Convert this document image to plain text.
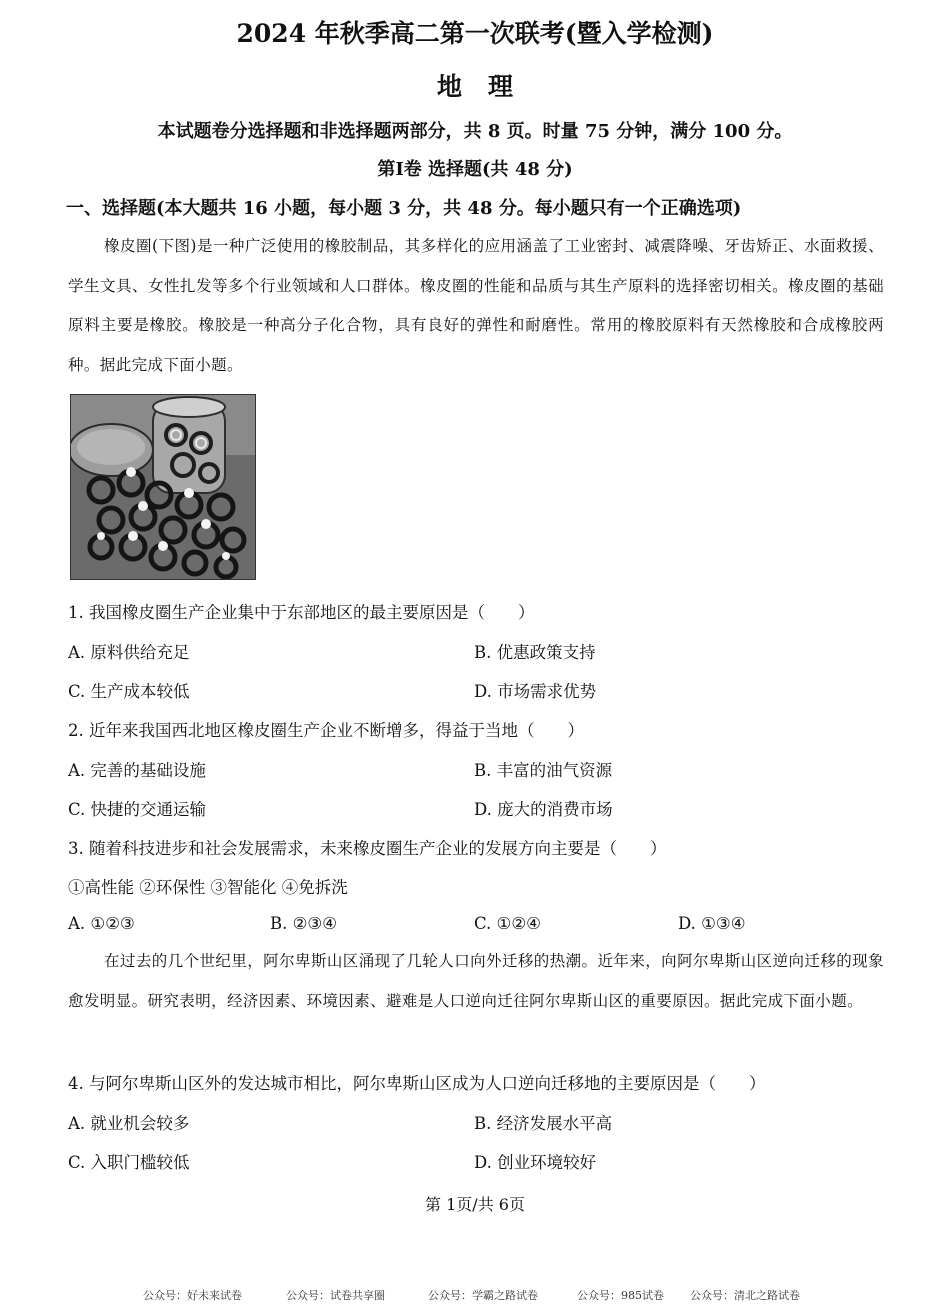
2024 年秋季高二第一次联考(暨入学检测)
地理
本试题卷分选择题和非选择题两部分，共 8 页。时量 75 分钟，满分 100 分。
第Ⅰ卷 选择题(共 48 分)
一、选择题(本大题共 16 小题，每小题 3 分，共 48 分。每小题只有一个正确选项)
橡皮圈(下图)是一种广泛使用的橡胶制品，其多样化的应用涵盖了工业密封、减震降噪、牙齿矫正、水面救援、学生文具、女性扎发等多个行业领域和人口群体。橡皮圈的性能和品质与其生产原料的选择密切相关。橡皮圈的基础原料主要是橡胶。橡胶是一种高分子化合物，具有良好的弹性和耐磨性。常用的橡胶原料有天然橡胶和合成橡胶两种。据此完成下面小题。
1. 我国橡皮圈生产企业集中于东部地区的最主要原因是（　　）
A. 原料供给充足	B. 优惠政策支持
C. 生产成本较低	D. 市场需求优势
2. 近年来我国西北地区橡皮圈生产企业不断增多，得益于当地（　　）
A. 完善的基础设施	B. 丰富的油气资源
C. 快捷的交通运输	D. 庞大的消费市场
3. 随着科技进步和社会发展需求，未来橡皮圈生产企业的发展方向主要是（　　）
①高性能 ②环保性 ③智能化 ④免拆洗
A. ①②③	B. ②③④	C. ①②④	D. ①③④
在过去的几个世纪里，阿尔卑斯山区涌现了几轮人口向外迁移的热潮。近年来，向阿尔卑斯山区逆向迁移的现象愈发明显。研究表明，经济因素、环境因素、避难是人口逆向迁往阿尔卑斯山区的重要原因。据此完成下面小题。
4. 与阿尔卑斯山区外的发达城市相比，阿尔卑斯山区成为人口逆向迁移地的主要原因是（　　）
A. 就业机会较多	B. 经济发展水平高
C. 入职门槛较低	D. 创业环境较好
第 1页/共 6页
公众号：好未来试卷	公众号：试卷共享圈	公众号：学霸之路试卷	公众号：985试卷 公众号：清北之路试卷
